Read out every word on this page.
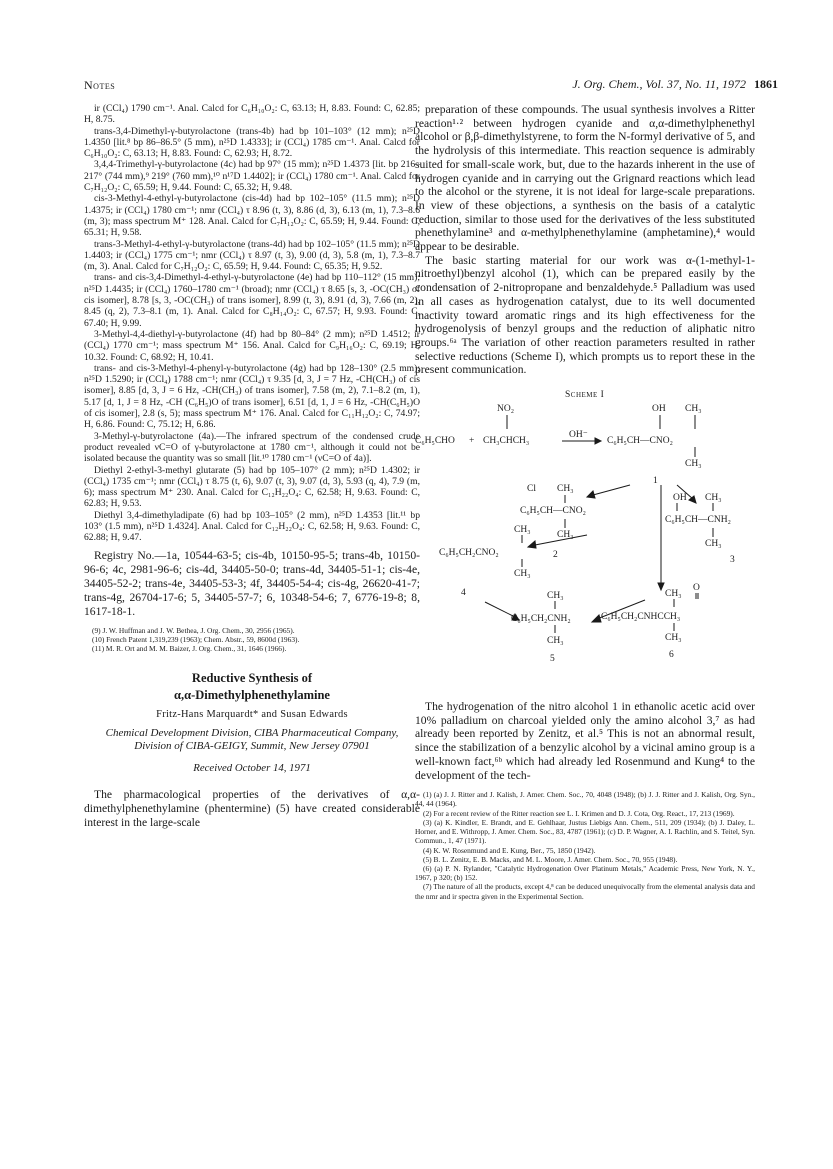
Notes	J. Org. Chem., Vol. 37, No. 11, 1972 1861

ir (CCl₄) 1790 cm⁻¹. Anal. Calcd for C₆H₁₀O₂: C, 63.13; H, 8.83. Found: C, 62.85; H, 8.75.

trans-3,4-Dimethyl-γ-butyrolactone (trans-4b) had bp 101–103° (12 mm); n²⁵D 1.4350 [lit.⁸ bp 86–86.5° (5 mm), n²⁵D 1.4333]; ir (CCl₄) 1785 cm⁻¹. Anal. Calcd for C₆H₁₀O₂: C, 63.13; H, 8.83. Found: C, 62.93; H, 8.72.

3,4,4-Trimethyl-γ-butyrolactone (4c) had bp 97° (15 mm); n²⁵D 1.4373 [lit. bp 216–217° (744 mm),⁹ 219° (760 mm),¹⁰ n¹⁷D 1.4402]; ir (CCl₄) 1780 cm⁻¹. Anal. Calcd for C₇H₁₂O₂: C, 65.59; H, 9.44. Found: C, 65.32; H, 9.48.

cis-3-Methyl-4-ethyl-γ-butyrolactone (cis-4d) had bp 102–105° (11.5 mm); n²⁵D 1.4375; ir (CCl₄) 1780 cm⁻¹; nmr (CCl₄) τ 8.96 (t, 3), 8.86 (d, 3), 6.13 (m, 1), 7.3–8.6 (m, 3); mass spectrum M⁺ 128. Anal. Calcd for C₇H₁₂O₂: C, 65.59; H, 9.44. Found: C, 65.31; H, 9.58.

trans-3-Methyl-4-ethyl-γ-butyrolactone (trans-4d) had bp 102–105° (11.5 mm); n²⁵D 1.4403; ir (CCl₄) 1775 cm⁻¹; nmr (CCl₄) τ 8.97 (t, 3), 9.00 (d, 3), 5.8 (m, 1), 7.3–8.7 (m, 3). Anal. Calcd for C₇H₁₂O₂: C, 65.59; H, 9.44. Found: C, 65.35; H, 9.52.

trans- and cis-3,4-Dimethyl-4-ethyl-γ-butyrolactone (4e) had bp 110–112° (15 mm); n²⁵D 1.4435; ir (CCl₄) 1760–1780 cm⁻¹ (broad); nmr (CCl₄) τ 8.65 [s, 3, -OC(CH₃) of cis isomer], 8.78 [s, 3, -OC(CH₃) of trans isomer], 8.99 (t, 3), 8.91 (d, 3), 7.66 (m, 2), 8.45 (q, 2), 7.3–8.1 (m, 1). Anal. Calcd for C₈H₁₄O₂: C, 67.57; H, 9.93. Found: C, 67.40; H, 9.99.

3-Methyl-4,4-diethyl-γ-butyrolactone (4f) had bp 80–84° (2 mm); n²⁵D 1.4512; ir (CCl₄) 1770 cm⁻¹; mass spectrum M⁺ 156. Anal. Calcd for C₉H₁₆O₂: C, 69.19; H, 10.32. Found: C, 68.92; H, 10.41.

trans- and cis-3-Methyl-4-phenyl-γ-butyrolactone (4g) had bp 128–130° (2.5 mm); n²⁵D 1.5290; ir (CCl₄) 1788 cm⁻¹; nmr (CCl₄) τ 9.35 [d, 3, J = 7 Hz, -CH(CH₃) of cis isomer], 8.85 [d, 3, J = 6 Hz, -CH(CH₃) of trans isomer], 7.58 (m, 2), 7.1–8.2 (m, 1), 5.17 [d, 1, J = 8 Hz, -CH (C₆H₅)O of trans isomer], 6.51 [d, 1, J = 6 Hz, -CH(C₆H₅)O of cis isomer], 2.8 (s, 5); mass spectrum M⁺ 176. Anal. Calcd for C₁₁H₁₂O₂: C, 74.97; H, 6.86. Found: C, 75.12; H, 6.86.

3-Methyl-γ-butyrolactone (4a).—The infrared spectrum of the condensed crude product revealed νC=O of γ-butyrolactone at 1780 cm⁻¹, although it could not be isolated because the quantity was so small [lit.¹⁰ 1780 cm⁻¹ (νC=O of 4a)].

Diethyl 2-ethyl-3-methyl glutarate (5) had bp 105–107° (2 mm); n²⁵D 1.4302; ir (CCl₄) 1735 cm⁻¹; nmr (CCl₄) τ 8.75 (t, 6), 9.07 (t, 3), 9.07 (d, 3), 5.93 (q, 4), 7.9 (m, 6); mass spectrum M⁺ 230. Anal. Calcd for C₁₂H₂₂O₄: C, 62.58; H, 9.63. Found: C, 62.83; H, 9.53.

Diethyl 3,4-dimethyladipate (6) had bp 103–105° (2 mm), n²⁵D 1.4353 [lit.¹¹ bp 103° (1.5 mm), n²⁵D 1.4324]. Anal. Calcd for C₁₂H₂₂O₄: C, 62.58; H, 9.63. Found: C, 62.88; H, 9.47.

Registry No.—1a, 10544-63-5; cis-4b, 10150-95-5; trans-4b, 10150-96-6; 4c, 2981-96-6; cis-4d, 34405-50-0; trans-4d, 34405-51-1; cis-4e, 34405-52-2; trans-4e, 34405-53-3; 4f, 34405-54-4; cis-4g, 26620-41-7; trans-4g, 26704-17-6; 5, 34405-57-7; 6, 10348-54-6; 7, 6776-19-8; 8, 1617-18-1.

(9) J. W. Huffman and J. W. Bethea, J. Org. Chem., 30, 2956 (1965).

(10) French Patent 1,319,239 (1963); Chem. Abstr., 59, 8600d (1963).

(11) M. R. Ort and M. M. Baizer, J. Org. Chem., 31, 1646 (1966).

Reductive Synthesis of
α,α-Dimethylphenethylamine
Fritz-Hans Marquardt* and Susan Edwards
Chemical Development Division, CIBA Pharmaceutical Company,
Division of CIBA-GEIGY, Summit, New Jersey 07901
Received October 14, 1971
The pharmacological properties of the derivatives of α,α-dimethylphenethylamine (phentermine) (5) have created considerable interest in the large-scale

preparation of these compounds. The usual synthesis involves a Ritter reaction¹·² between hydrogen cyanide and α,α-dimethylphenethyl alcohol or β,β-dimethylstyrene, to form the N-formyl derivative of 5, and the hydrolysis of this intermediate. This reaction sequence is admirably suited for small-scale work, but, due to the hazards inherent in the use of hydrogen cyanide and in carrying out the Grignard reactions which lead to the alcohol or the styrene, it is not ideal for large-scale preparations. In view of these objections, a synthesis on the basis of a catalytic reduction, similar to those used for the derivatives of the less substituted phenethylamine³ and α-methylphenethylamine (amphetamine),⁴ would appear to be desirable.

The basic starting material for our work was α-(1-methyl-1-nitroethyl)benzyl alcohol (1), which can be prepared easily by the condensation of 2-nitropropane and benzaldehyde.⁵ Palladium was used in all cases as hydrogenation catalyst, due to its well documented inactivity toward aromatic rings and its high effectiveness for the hydrogenolysis of benzyl groups and the reduction of aliphatic nitro groups.⁶ᵃ The variation of other reaction parameters resulted in rather selective reductions (Scheme I), which prompts us to report these in the present communication.

Scheme I
NO₂
C₆H₅CHO + CH₃CHCH₃
OH⁻
OH CH₃
C₆H₅CH—CNO₂
CH₃
1
Cl CH₃
C₆H₅CH—CNO₂
CH₃
2
OH CH₃
C₆H₅CH—CNH₂
CH₃
3
CH₃
C₆H₅CH₂CNO₂
CH₃
4	CH₃
C₆H₅CH₂CNH₂
CH₃
5
CH₃
O
C₆H₅CH₂CNHCCH₃
CH₃
6

The hydrogenation of the nitro alcohol 1 in ethanolic acetic acid over 10% palladium on charcoal yielded only the amino alcohol 3,⁷ as had already been reported by Zenitz, et al.⁵ This is not an abnormal result, since the stabilization of a benzylic alcohol by a vicinal amino group is a well-known fact,⁶ᵇ which had already led Rosenmund and Kung⁴ to the development of the tech-

(1) (a) J. J. Ritter and J. Kalish, J. Amer. Chem. Soc., 70, 4048 (1948); (b) J. J. Ritter and J. Kalish, Org. Syn., 44, 44 (1964).

(2) For a recent review of the Ritter reaction see L. I. Krimen and D. J. Cota, Org. React., 17, 213 (1969).

(3) (a) K. Kindler, E. Brandt, and E. Gehlhaar, Justus Liebigs Ann. Chem., 511, 209 (1934); (b) J. Daley, L. Horner, and E. Withropp, J. Amer. Chem. Soc., 83, 4787 (1961); (c) D. P. Wagner, A. I. Rachlin, and S. Teitel, Syn. Commun., 1, 47 (1971).

(4) K. W. Rosenmund and E. Kung, Ber., 75, 1850 (1942).

(5) B. L. Zenitz, E. B. Macks, and M. L. Moore, J. Amer. Chem. Soc., 70, 955 (1948).

(6) (a) P. N. Rylander, "Catalytic Hydrogenation Over Platinum Metals," Academic Press, New York, N. Y., 1967, p 320; (b) 152.

(7) The nature of all the products, except 4,⁸ can be deduced unequivocally from the elemental analysis data and the nmr and ir spectra given in the Experimental Section.
